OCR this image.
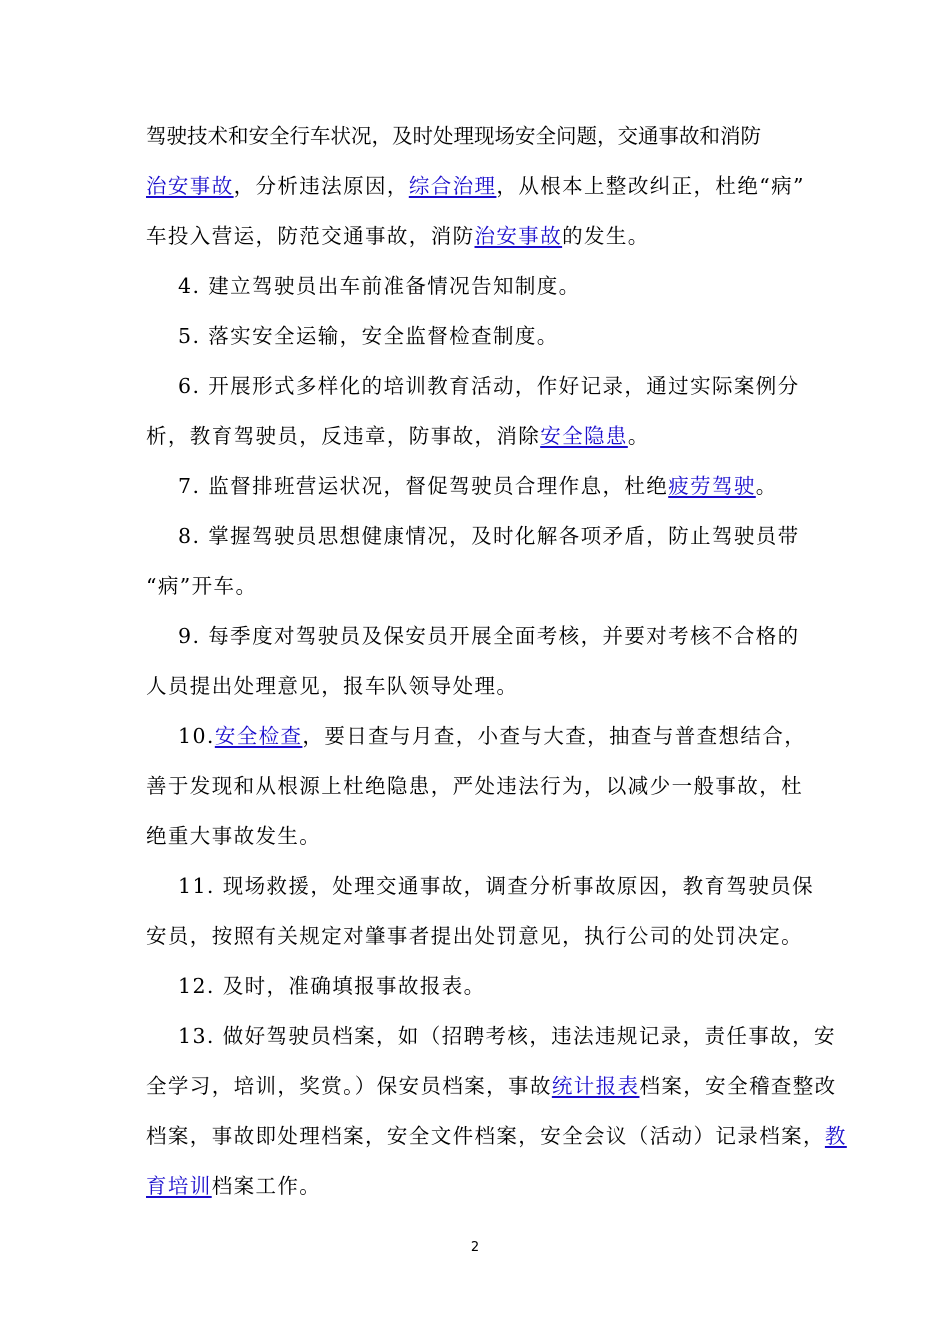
驾驶技术和安全行车状况，及时处理现场安全问题，交通事故和消防
治安事故，分析违法原因，综合治理，从根本上整改纠正，杜绝“病”
车投入营运，防范交通事故，消防治安事故的发生。
4. 建立驾驶员出车前准备情况告知制度。
5. 落实安全运输，安全监督检查制度。
6. 开展形式多样化的培训教育活动，作好记录，通过实际案例分
析，教育驾驶员，反违章，防事故，消除安全隐患。
7. 监督排班营运状况，督促驾驶员合理作息，杜绝疲劳驾驶。
8. 掌握驾驶员思想健康情况，及时化解各项矛盾，防止驾驶员带
“病”开车。
9. 每季度对驾驶员及保安员开展全面考核，并要对考核不合格的
人员提出处理意见，报车队领导处理。
10.安全检查，要日查与月查，小查与大查，抽查与普查想结合，
善于发现和从根源上杜绝隐患，严处违法行为，以减少一般事故，杜
绝重大事故发生。
11. 现场救援，处理交通事故，调查分析事故原因，教育驾驶员保
安员，按照有关规定对肇事者提出处罚意见，执行公司的处罚决定。
12. 及时，准确填报事故报表。
13. 做好驾驶员档案，如（招聘考核，违法违规记录，责任事故，安
全学习，培训，奖赏。）保安员档案，事故统计报表档案，安全稽查整改
档案，事故即处理档案，安全文件档案，安全会议（活动）记录档案，教
育培训档案工作。
2
